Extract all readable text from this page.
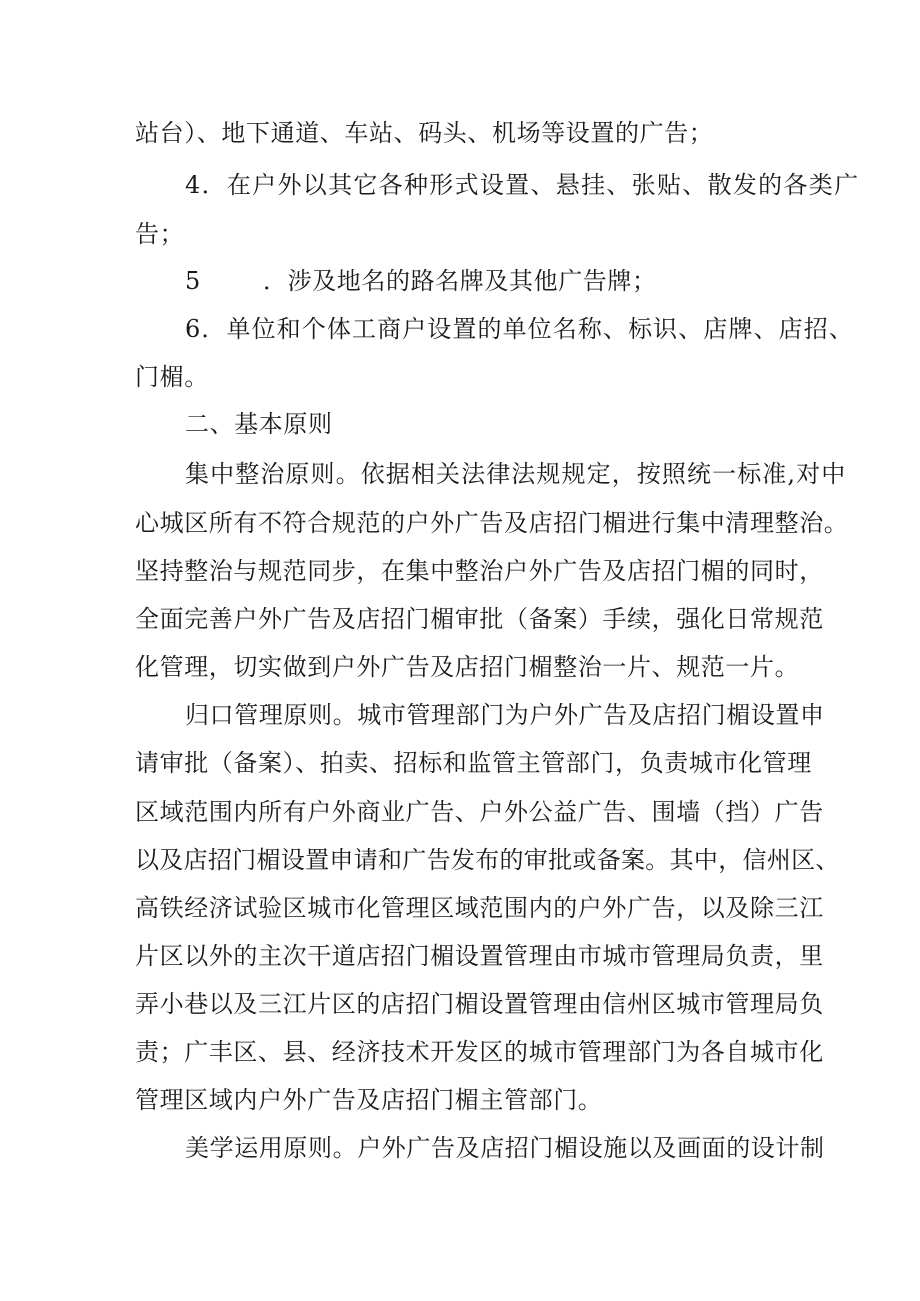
站台）、地下通道、车站、码头、机场等设置的广告；
4．在户外以其它各种形式设置、悬挂、张贴、散发的各类广
告；
5	．涉及地名的路名牌及其他广告牌；
6．单位和个体工商户设置的单位名称、标识、店牌、店招、
门楣。
二、基本原则
集中整治原则。依据相关法律法规规定，按照统一标准,对中
心城区所有不符合规范的户外广告及店招门楣进行集中清理整治。
坚持整治与规范同步，在集中整治户外广告及店招门楣的同时，
全面完善户外广告及店招门楣审批（备案）手续，强化日常规范
化管理，切实做到户外广告及店招门楣整治一片、规范一片。
归口管理原则。城市管理部门为户外广告及店招门楣设置申
请审批（备案）、拍卖、招标和监管主管部门，负责城市化管理
区域范围内所有户外商业广告、户外公益广告、围墙（挡）广告
以及店招门楣设置申请和广告发布的审批或备案。其中，信州区、
高铁经济试验区城市化管理区域范围内的户外广告，以及除三江
片区以外的主次干道店招门楣设置管理由市城市管理局负责，里
弄小巷以及三江片区的店招门楣设置管理由信州区城市管理局负
责；广丰区、县、经济技术开发区的城市管理部门为各自城市化
管理区域内户外广告及店招门楣主管部门。
美学运用原则。户外广告及店招门楣设施以及画面的设计制
